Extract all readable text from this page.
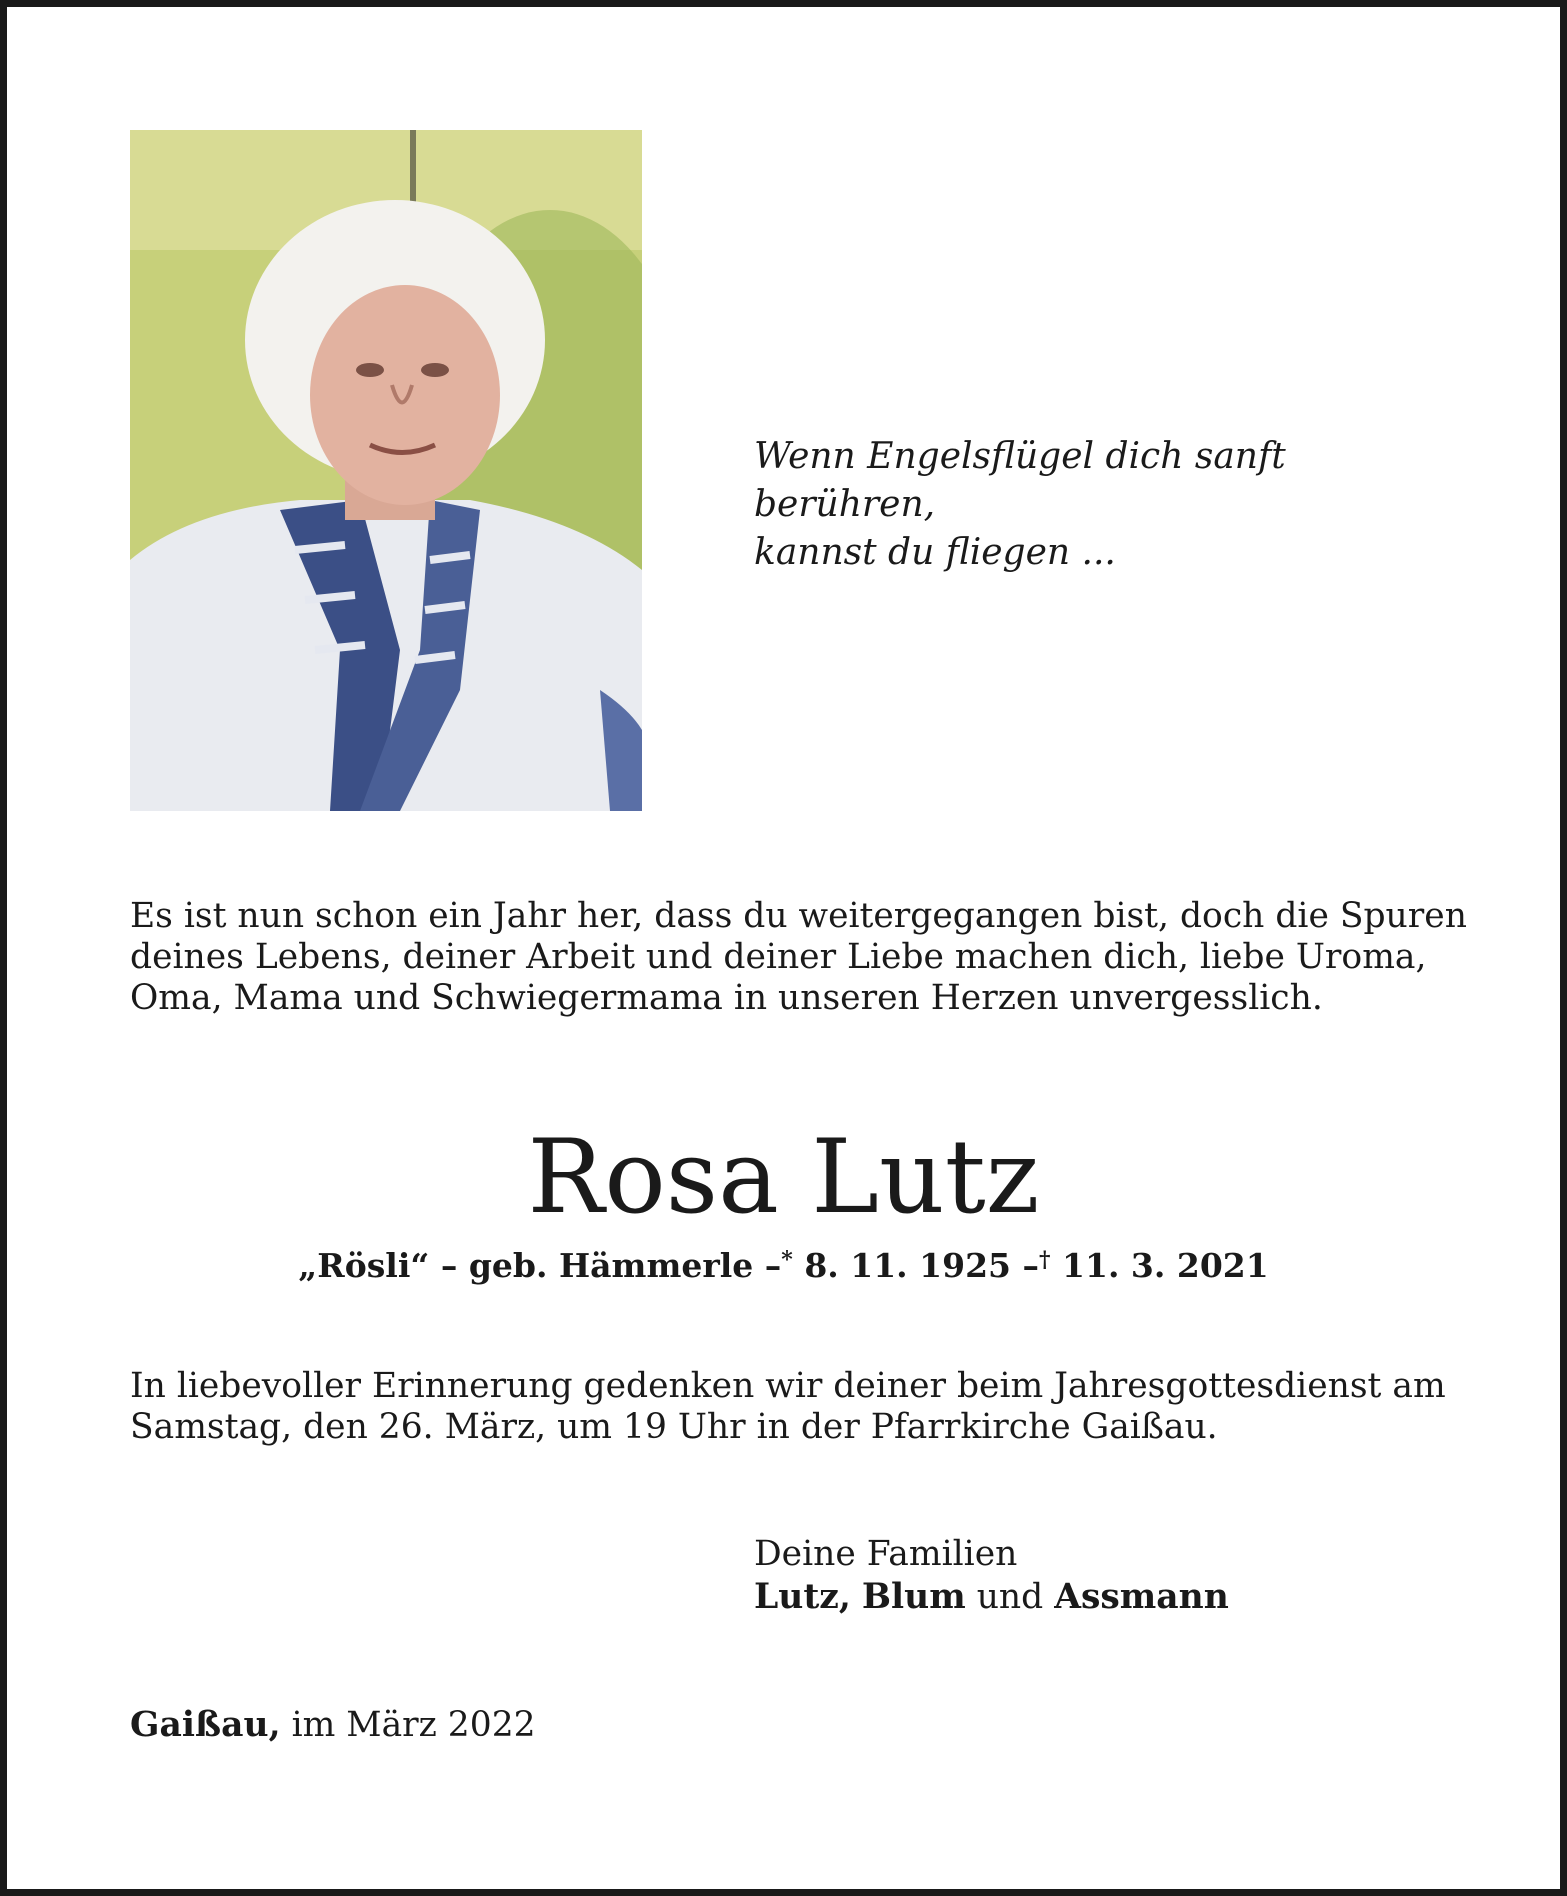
Wenn Engelsflügel dich sanft berühren,
kannst du fliegen ...
Es ist nun schon ein Jahr her, dass du weitergegangen bist, doch die Spuren
deines Lebens, deiner Arbeit und deiner Liebe machen dich, liebe Uroma,
Oma, Mama und Schwiegermama in unseren Herzen unvergesslich.
Rosa Lutz
„Rösli“ – geb. Hämmerle –* 8. 11. 1925 –† 11. 3. 2021
In liebevoller Erinnerung gedenken wir deiner beim Jahresgottesdienst am
Samstag, den 26. März, um 19 Uhr in der Pfarrkirche Gaißau.
Deine Familien
Lutz, Blum und Assmann
Gaißau, im März 2022
